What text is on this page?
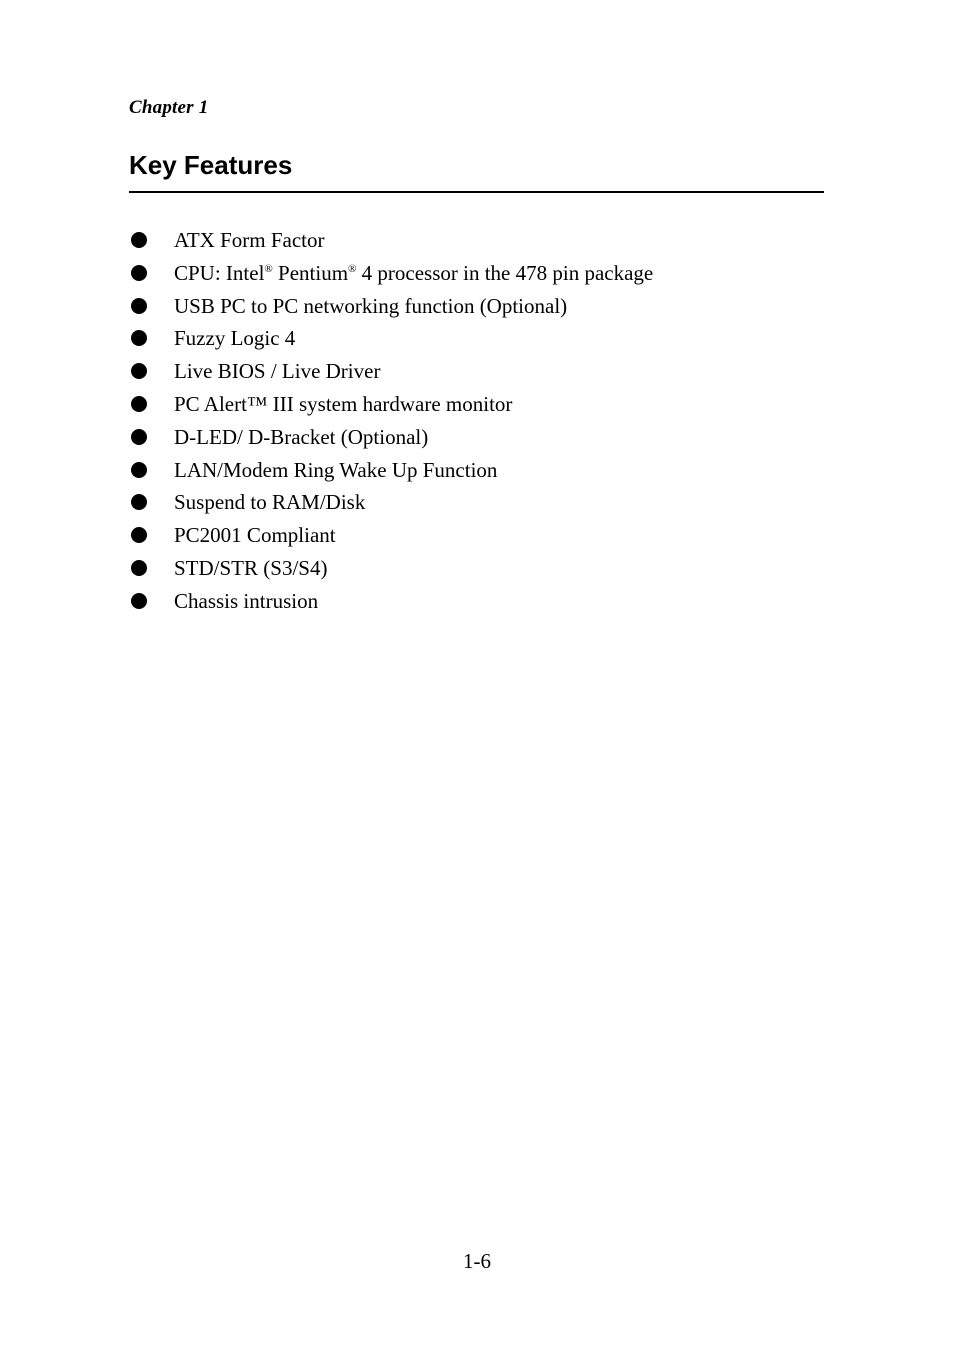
Chapter 1
Key Features
ATX Form Factor
CPU: Intel® Pentium® 4 processor in the 478 pin package
USB PC to PC networking function (Optional)
Fuzzy Logic 4
Live BIOS / Live Driver
PC Alert™ III system hardware monitor
D-LED/ D-Bracket (Optional)
LAN/Modem Ring Wake Up Function
Suspend to RAM/Disk
PC2001 Compliant
STD/STR (S3/S4)
Chassis intrusion
1-6
